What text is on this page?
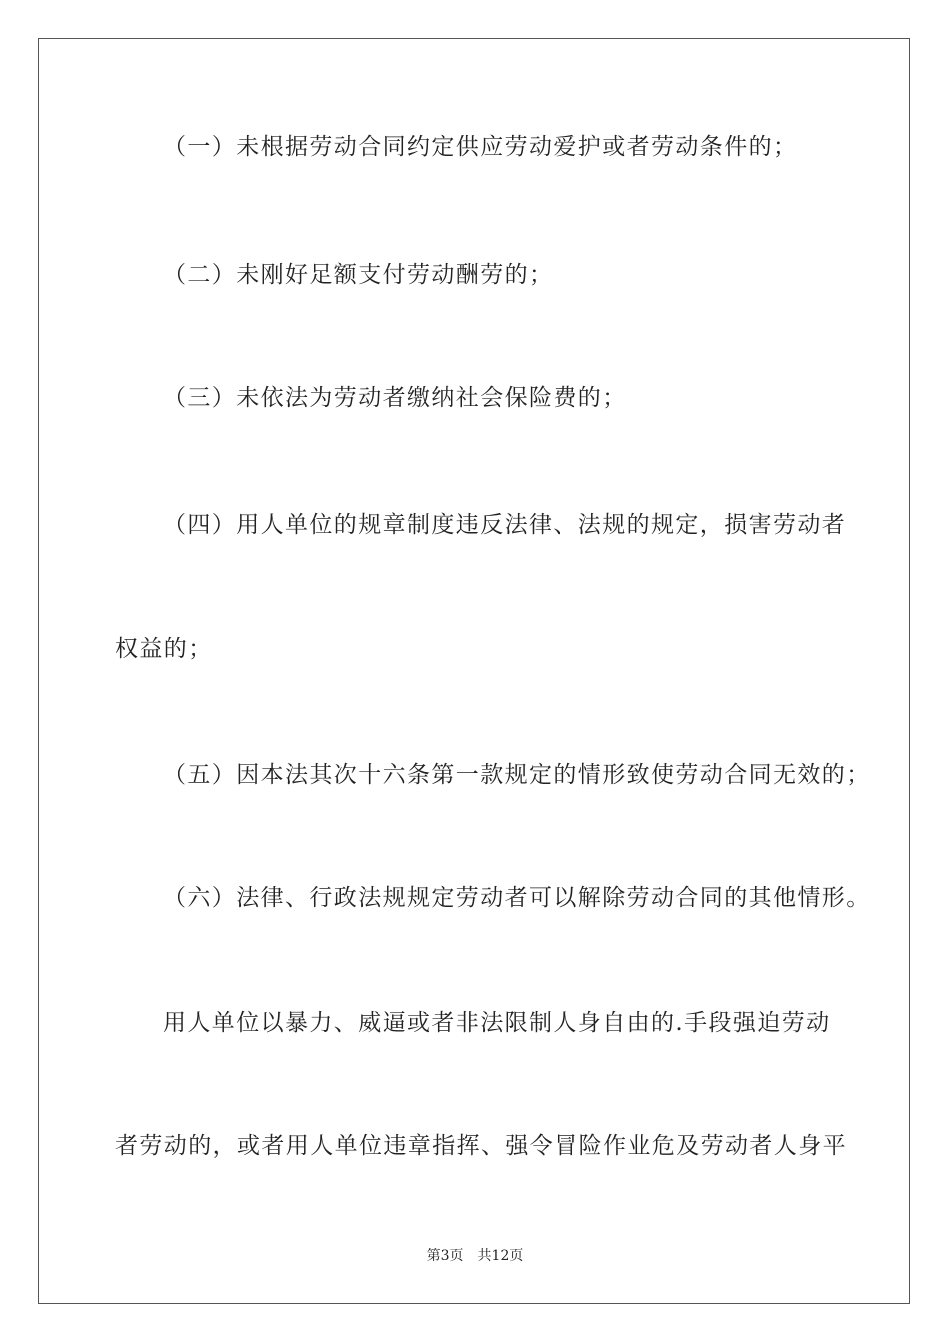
（一）未根据劳动合同约定供应劳动爱护或者劳动条件的；
（二）未刚好足额支付劳动酬劳的；
（三）未依法为劳动者缴纳社会保险费的；
（四）用人单位的规章制度违反法律、法规的规定，损害劳动者
权益的；
（五）因本法其次十六条第一款规定的情形致使劳动合同无效的；
（六）法律、行政法规规定劳动者可以解除劳动合同的其他情形。
用人单位以暴力、威逼或者非法限制人身自由的.手段强迫劳动
者劳动的，或者用人单位违章指挥、强令冒险作业危及劳动者人身平
第3页 共12页
